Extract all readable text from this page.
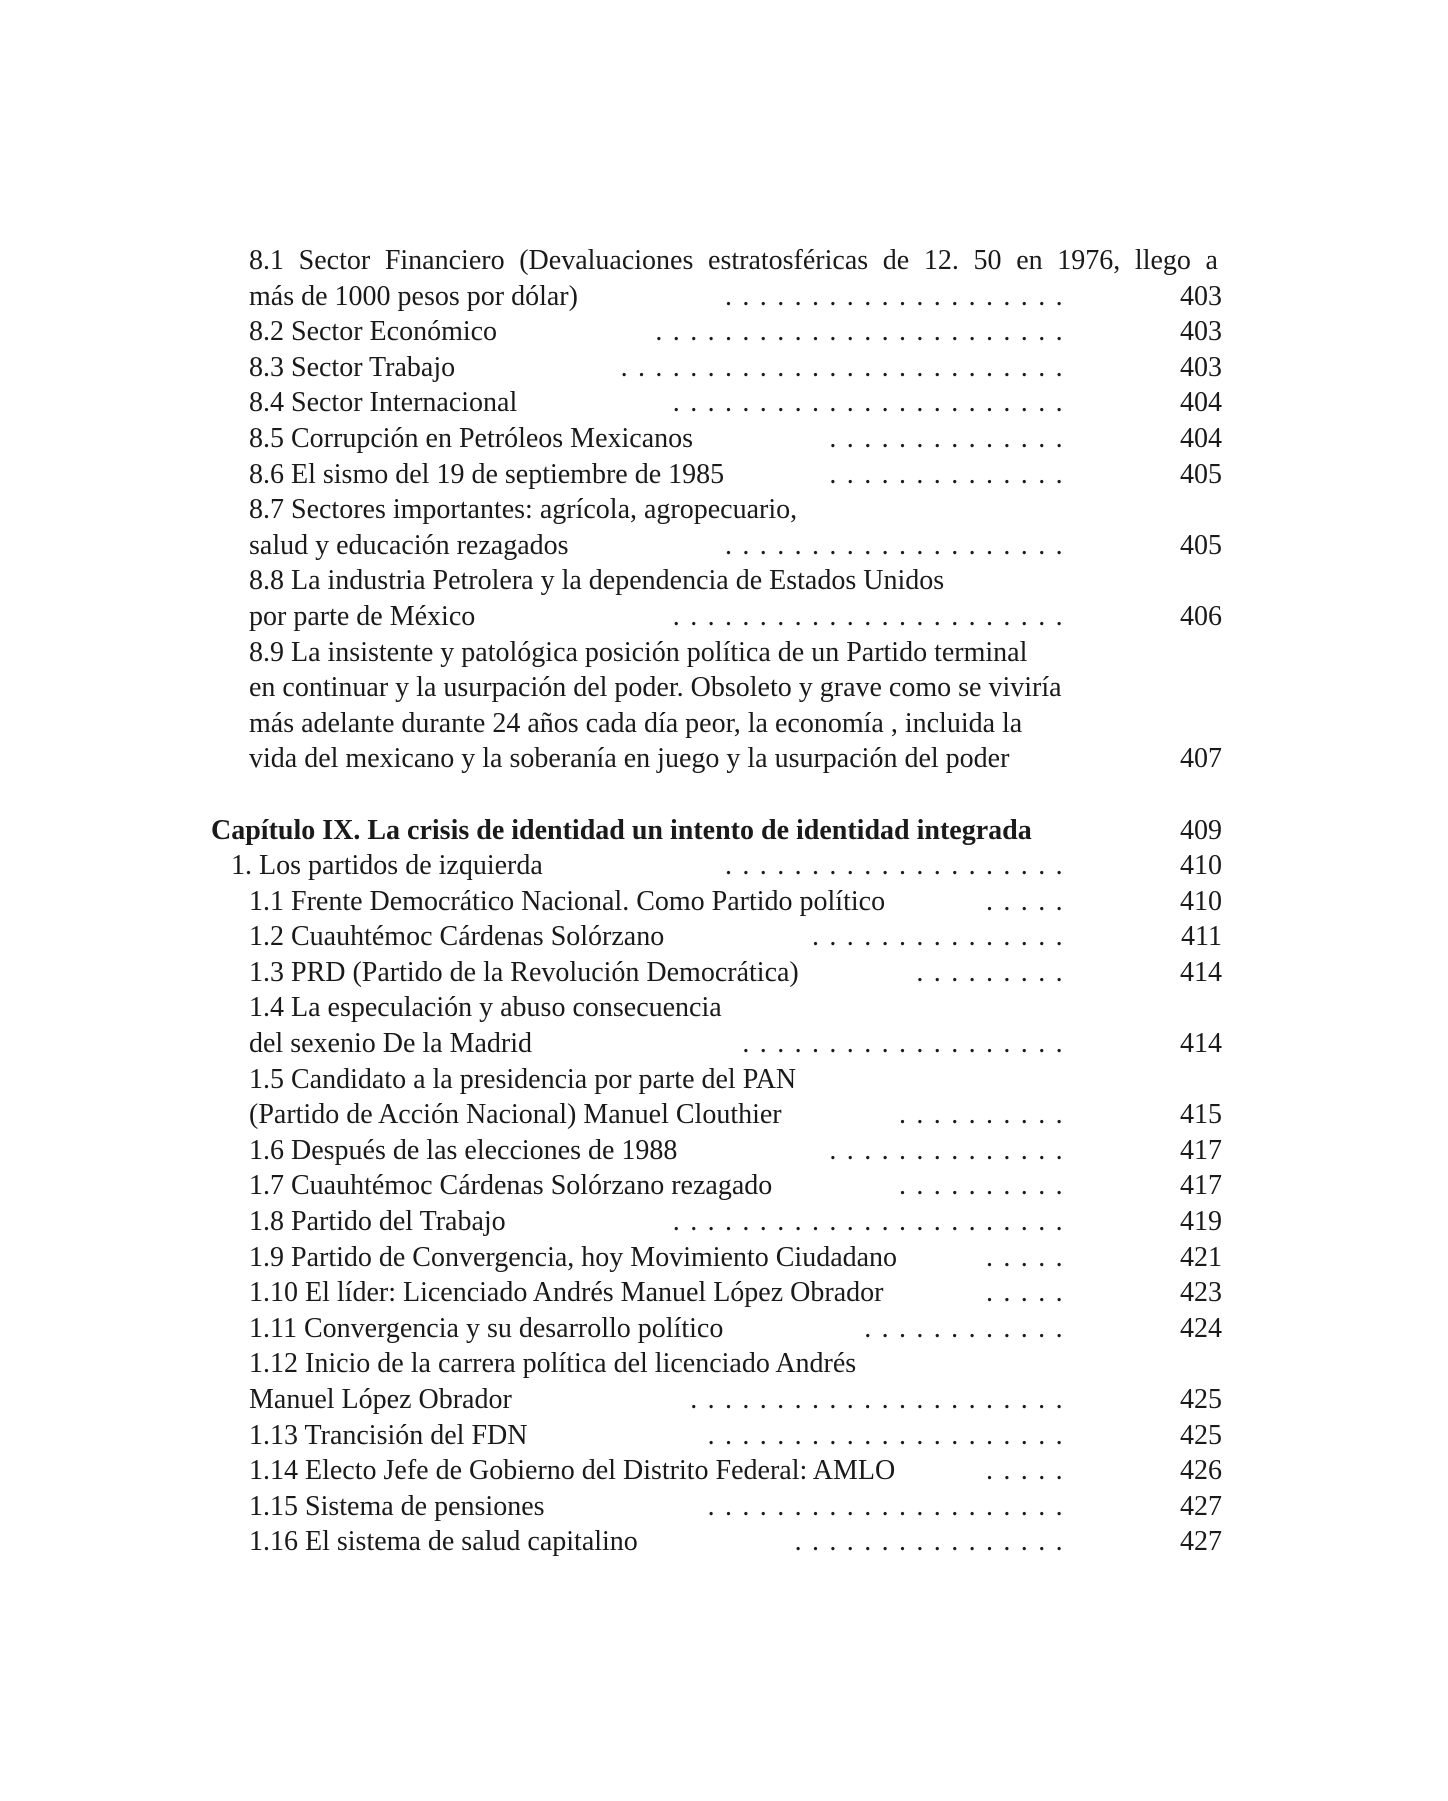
8.1 Sector Financiero (Devaluaciones estratosféricas de 12. 50 en 1976, llego a
....................
más de 1000 pesos por dólar)	403
........................
8.2 Sector Económico	403
..........................
8.3 Sector Trabajo	403
.......................
8.4 Sector Internacional	404
..............
8.5 Corrupción en Petróleos Mexicanos	404
..............
8.6 El sismo del 19 de septiembre de 1985	405
8.7 Sectores importantes: agrícola, agropecuario,
....................
salud y educación rezagados	405
8.8 La industria Petrolera y la dependencia de Estados Unidos
.......................
por parte de México	406
8.9 La insistente y patológica posición política de un Partido terminal
en continuar y la usurpación del poder. Obsoleto y grave como se viviría
más adelante durante 24 años cada día peor, la economía , incluida la
vida del mexicano y la soberanía en juego y la usurpación del poder	407
Capítulo IX. La crisis de identidad un intento de identidad integrada	409
....................
1. Los partidos de izquierda	410
.....
1.1 Frente Democrático Nacional. Como Partido político	410
...............
1.2 Cuauhtémoc Cárdenas Solórzano	411
.........
1.3 PRD (Partido de la Revolución Democrática)	414
1.4 La especulación y abuso consecuencia
...................
del sexenio De la Madrid	414
1.5 Candidato a la presidencia por parte del PAN
..........
(Partido de Acción Nacional) Manuel Clouthier	415
..............
1.6 Después de las elecciones de 1988	417
..........
1.7 Cuauhtémoc Cárdenas Solórzano rezagado	417
.......................
1.8 Partido del Trabajo	419
.....
1.9 Partido de Convergencia, hoy Movimiento Ciudadano	421
.....
1.10 El líder: Licenciado Andrés Manuel López Obrador	423
............
1.11 Convergencia y su desarrollo político	424
1.12 Inicio de la carrera política del licenciado Andrés
......................
Manuel López Obrador	425
.....................
1.13 Trancisión del FDN	425
.....
1.14 Electo Jefe de Gobierno del Distrito Federal: AMLO	426
.....................
1.15 Sistema de pensiones	427
................
1.16 El sistema de salud capitalino	427
